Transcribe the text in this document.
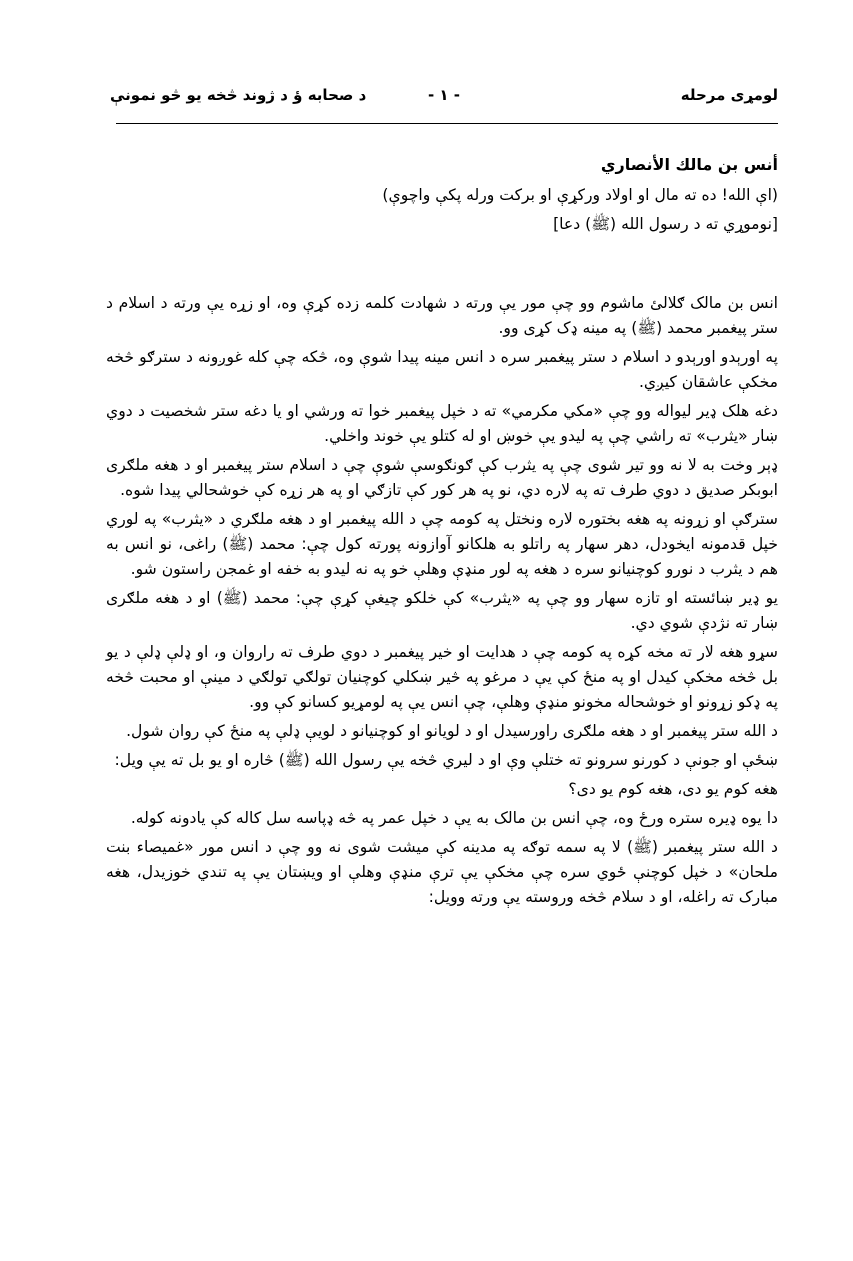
لومړی مرحله
- ۱ -
د صحابه ؤ د ژوند څخه یو څو نمونې

أنس بن مالك الأنصاري

(اې الله! ده ته مال او اولاد ورکړې او برکت ورله پکې واچوې)

[نوموړي ته د رسول الله (ﷺ) دعا]

انس بن مالک ګلالئ ماشوم وو چې مور یې ورته د شهادت کلمه زده کړې وه، او زړه یې ورته د اسلام د ستر پیغمبر محمد (ﷺ) په مینه ډک کړی وو.

په اورېدو اورېدو د اسلام د ستر پیغمبر سره د انس مینه پیدا شوې وه، څکه چې کله غوږونه د سترګو څخه مخکې عاشقان کیږي.

دغه هلک ډیر لیواله وو چې «مکي مکرمي» ته د خپل پیغمبر خوا ته ورشي او یا دغه ستر شخصیت د دوي ښار «یثرب» ته راشي چې په لیدو یې خوښ او له کتلو یې خوند واخلي.

ډېر وخت به لا نه وو تیر شوی چې په یثرب کې ګونګوسې شوې چې د اسلام ستر پیغمبر او د هغه ملګری ابوبکر صدیق د دوي طرف ته په لاره دي، نو په هر کور کې تازګي او په هر زړه کې خوشحالي پیدا شوه.

سترګې او زړونه په هغه بختوره لاره ونختل په کومه چې د الله پیغمبر او د هغه ملګري د «یثرب» په لوري خپل قدمونه ایخودل، دهر سهار په راتلو به هلکانو آوازونه پورته کول چې: محمد (ﷺ) راغی، نو انس به هم د یثرب د نورو کوچنیانو سره د هغه په لور منډې وهلې خو په نه لیدو به خفه او غمجن راستون شو.

یو ډیر ښائسته او تازه سهار وو چې په «یثرب» کې خلکو چیغې کړې چې: محمد (ﷺ) او د هغه ملګری ښار ته نژدې شوي دي.

سړو هغه لار ته مخه کړه په کومه چې د هدایت او خیر پیغمبر د دوي طرف ته راروان و، او ډلې ډلې د یو بل څخه مخکې کیدل او په منځ کې یې د مرغو په څیر ښکلي کوچنیان تولګي تولګي د مینې او محبت څخه په ډکو زړونو او خوشحاله مخونو منډې وهلې، چې انس یې په لومړیو کسانو کې وو.

د الله ستر پیغمبر او د هغه ملګری راورسیدل او د لویانو او کوچنیانو د لویې ډلې په منځ کې روان شول.

ښځې او جونې د کورنو سرونو ته ختلې وې او د لیري څخه یې رسول الله (ﷺ) څاره او یو بل ته یې ویل:

هغه کوم یو دی، هغه کوم یو دی؟

دا یوه ډیره ستره ورځ وه، چې انس بن مالک به یې د خپل عمر په څه ډپاسه سل کاله کې یادونه کوله.

د الله ستر پیغمبر (ﷺ) لا په سمه توګه په مدینه کې میشت شوی نه وو چې د انس مور «غمیصاء بنت ملحان» د خپل کوچنې ځوي سره چې مخکې یې ترې منډې وهلې او ویښتان یې په تندي خوزیدل، هغه مبارک ته راغله، او د سلام څخه وروسته یې ورته وویل:
